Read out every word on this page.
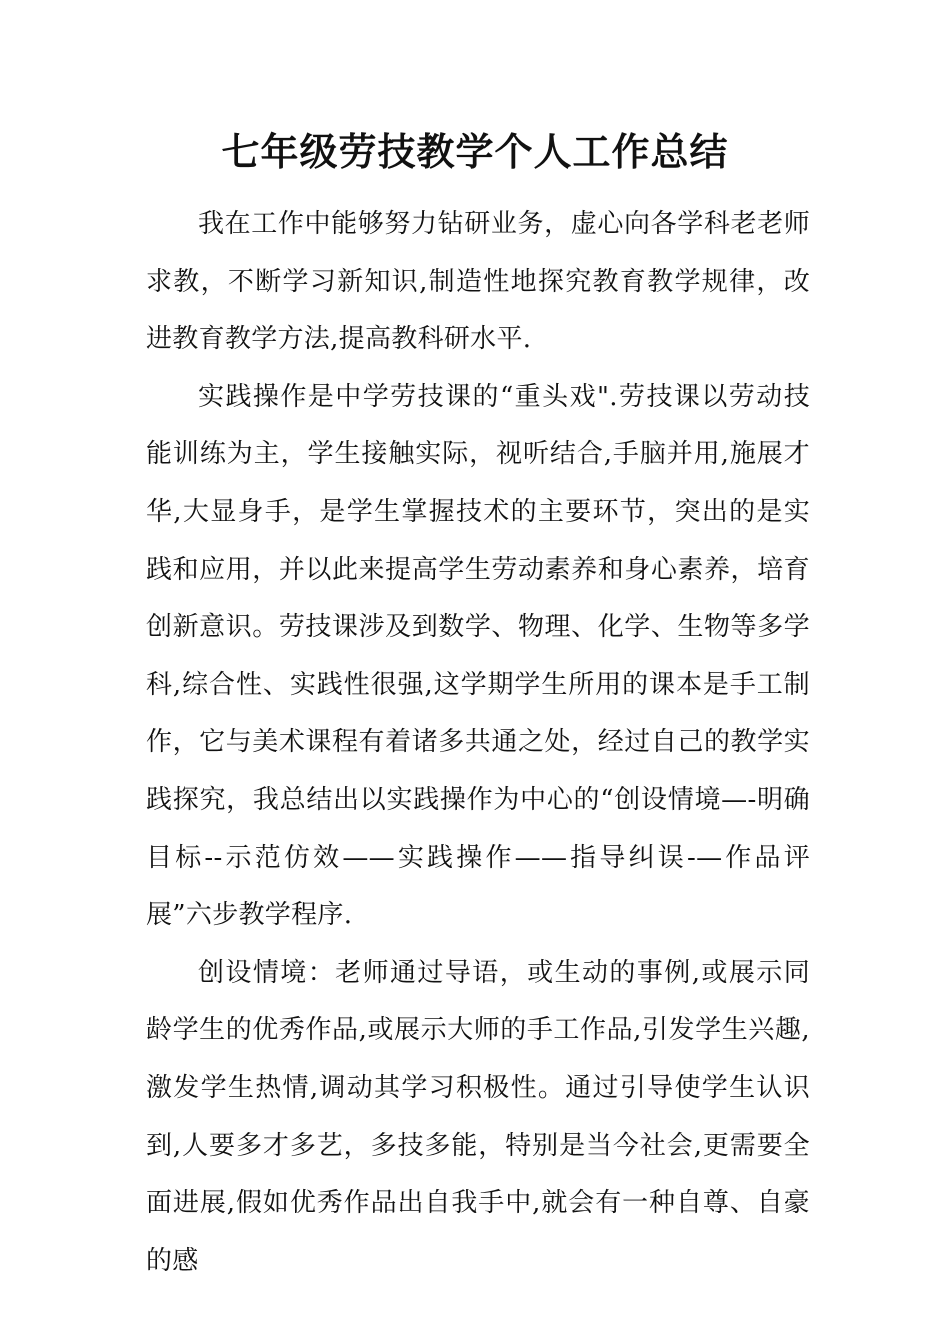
七年级劳技教学个人工作总结

我在工作中能够努力钻研业务，虚心向各学科老老师求教，不断学习新知识,制造性地探究教育教学规律，改进教育教学方法,提高教科研水平.

实践操作是中学劳技课的“重头戏".劳技课以劳动技能训练为主，学生接触实际，视听结合,手脑并用,施展才华,大显身手，是学生掌握技术的主要环节，突出的是实践和应用，并以此来提高学生劳动素养和身心素养，培育创新意识。劳技课涉及到数学、物理、化学、生物等多学科,综合性、实践性很强,这学期学生所用的课本是手工制作，它与美术课程有着诸多共通之处，经过自己的教学实践探究，我总结出以实践操作为中心的“创设情境—-明确目标--示范仿效——实践操作——指导纠误-—作品评展”六步教学程序.

创设情境：老师通过导语，或生动的事例,或展示同龄学生的优秀作品,或展示大师的手工作品,引发学生兴趣,激发学生热情,调动其学习积极性。通过引导使学生认识到,人要多才多艺，多技多能，特别是当今社会,更需要全面进展,假如优秀作品出自我手中,就会有一种自尊、自豪的感
